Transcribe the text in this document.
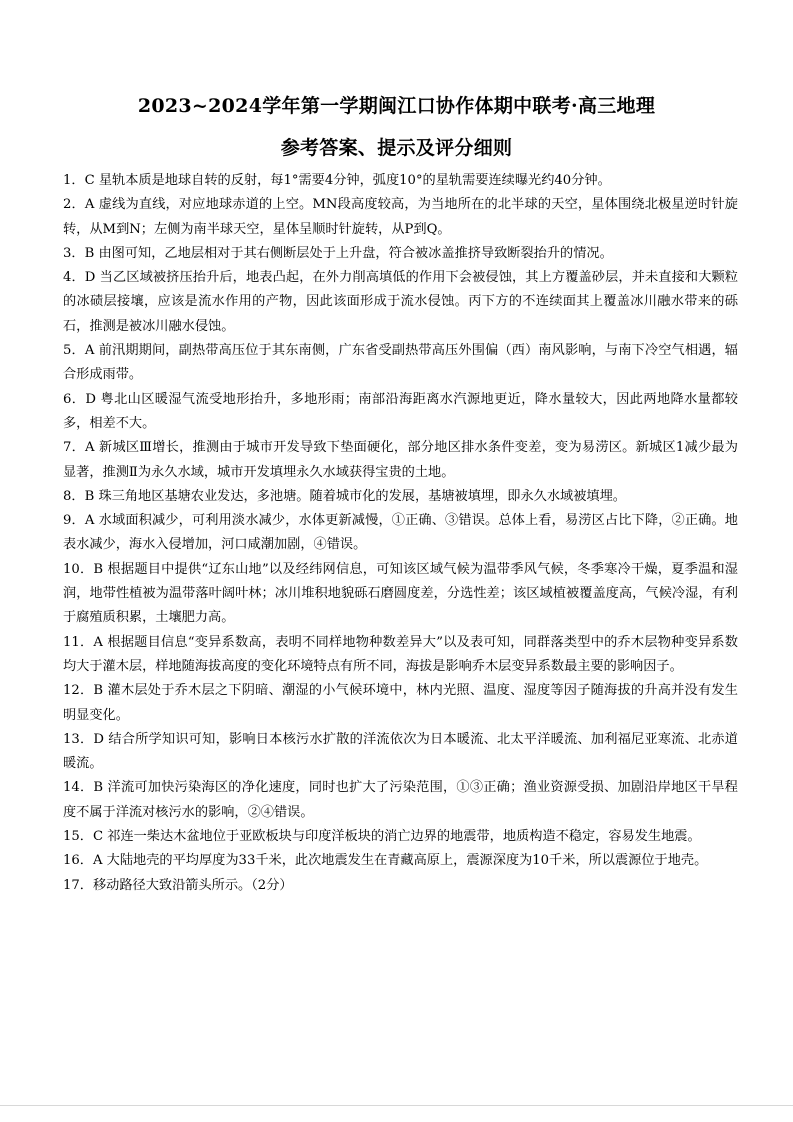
2023~2024学年第一学期闽江口协作体期中联考·高三地理
参考答案、提示及评分细则

1．C 星轨本质是地球自转的反射，每1°需要4分钟，弧度10°的星轨需要连续曝光约40分钟。

2．A 虚线为直线，对应地球赤道的上空。MN段高度较高，为当地所在的北半球的天空，星体围绕北极星逆时针旋转，从M到N；左侧为南半球天空，星体呈顺时针旋转，从P到Q。

3．B 由图可知，乙地层相对于其右侧断层处于上升盘，符合被冰盖推挤导致断裂抬升的情况。

4．D 当乙区域被挤压抬升后，地表凸起，在外力削高填低的作用下会被侵蚀，其上方覆盖砂层，并未直接和大颗粒的冰碛层接壤，应该是流水作用的产物，因此该面形成于流水侵蚀。丙下方的不连续面其上覆盖冰川融水带来的砾石，推测是被冰川融水侵蚀。

5．A 前汛期期间，副热带高压位于其东南侧，广东省受副热带高压外围偏（西）南风影响，与南下冷空气相遇，辐合形成雨带。

6．D 粤北山区暖湿气流受地形抬升，多地形雨；南部沿海距离水汽源地更近，降水量较大，因此两地降水量都较多，相差不大。

7．A 新城区Ⅲ增长，推测由于城市开发导致下垫面硬化，部分地区排水条件变差，变为易涝区。新城区1减少最为显著，推测Ⅱ为永久水域，城市开发填埋永久水域获得宝贵的土地。

8．B 珠三角地区基塘农业发达，多池塘。随着城市化的发展，基塘被填埋，即永久水域被填埋。

9．A 水域面积减少，可利用淡水减少，水体更新减慢，①正确、③错误。总体上看，易涝区占比下降，②正确。地表水减少，海水入侵增加，河口咸潮加剧，④错误。

10．B 根据题目中提供“辽东山地”以及经纬网信息，可知该区域气候为温带季风气候，冬季寒冷干燥，夏季温和湿润，地带性植被为温带落叶阔叶林；冰川堆积地貌砾石磨圆度差，分选性差；该区域植被覆盖度高，气候冷湿，有利于腐殖质积累，土壤肥力高。

11．A 根据题目信息“变异系数高，表明不同样地物种数差异大”以及表可知，同群落类型中的乔木层物种变异系数均大于灌木层，样地随海拔高度的变化环境特点有所不同，海拔是影响乔木层变异系数最主要的影响因子。

12．B 灌木层处于乔木层之下阴暗、潮湿的小气候环境中，林内光照、温度、湿度等因子随海拔的升高并没有发生明显变化。

13．D 结合所学知识可知，影响日本核污水扩散的洋流依次为日本暖流、北太平洋暖流、加利福尼亚寒流、北赤道暖流。

14．B 洋流可加快污染海区的净化速度，同时也扩大了污染范围，①③正确；渔业资源受损、加剧沿岸地区干旱程度不属于洋流对核污水的影响，②④错误。

15．C 祁连一柴达木盆地位于亚欧板块与印度洋板块的消亡边界的地震带，地质构造不稳定，容易发生地震。

16．A 大陆地壳的平均厚度为33千米，此次地震发生在青藏高原上，震源深度为10千米，所以震源位于地壳。

17．移动路径大致沿箭头所示。（2分）
